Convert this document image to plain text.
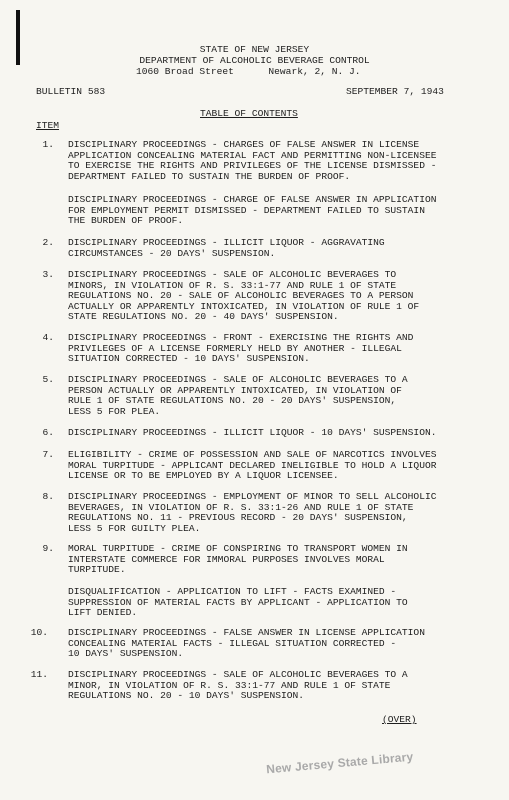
STATE OF NEW JERSEY
DEPARTMENT OF ALCOHOLIC BEVERAGE CONTROL
1060 Broad Street      Newark, 2, N. J.
BULLETIN 583	SEPTEMBER 7, 1943
TABLE OF CONTENTS
ITEM
1. DISCIPLINARY PROCEEDINGS - CHARGES OF FALSE ANSWER IN LICENSE
APPLICATION CONCEALING MATERIAL FACT AND PERMITTING NON-LICENSEE
TO EXERCISE THE RIGHTS AND PRIVILEGES OF THE LICENSE DISMISSED -
DEPARTMENT FAILED TO SUSTAIN THE BURDEN OF PROOF.
DISCIPLINARY PROCEEDINGS - CHARGE OF FALSE ANSWER IN APPLICATION
FOR EMPLOYMENT PERMIT DISMISSED - DEPARTMENT FAILED TO SUSTAIN
THE BURDEN OF PROOF.
2. DISCIPLINARY PROCEEDINGS - ILLICIT LIQUOR - AGGRAVATING
CIRCUMSTANCES - 20 DAYS' SUSPENSION.
3. DISCIPLINARY PROCEEDINGS - SALE OF ALCOHOLIC BEVERAGES TO
MINORS, IN VIOLATION OF R. S. 33:1-77 AND RULE 1 OF STATE
REGULATIONS NO. 20 - SALE OF ALCOHOLIC BEVERAGES TO A PERSON
ACTUALLY OR APPARENTLY INTOXICATED, IN VIOLATION OF RULE 1 OF
STATE REGULATIONS NO. 20 - 40 DAYS' SUSPENSION.
4. DISCIPLINARY PROCEEDINGS - FRONT - EXERCISING THE RIGHTS AND
PRIVILEGES OF A LICENSE FORMERLY HELD BY ANOTHER - ILLEGAL
SITUATION CORRECTED - 10 DAYS' SUSPENSION.
5. DISCIPLINARY PROCEEDINGS - SALE OF ALCOHOLIC BEVERAGES TO A
PERSON ACTUALLY OR APPARENTLY INTOXICATED, IN VIOLATION OF
RULE 1 OF STATE REGULATIONS NO. 20 - 20 DAYS' SUSPENSION,
LESS 5 FOR PLEA.
6. DISCIPLINARY PROCEEDINGS - ILLICIT LIQUOR - 10 DAYS' SUSPENSION.
7. ELIGIBILITY - CRIME OF POSSESSION AND SALE OF NARCOTICS INVOLVES
MORAL TURPITUDE - APPLICANT DECLARED INELIGIBLE TO HOLD A LIQUOR
LICENSE OR TO BE EMPLOYED BY A LIQUOR LICENSEE.
8. DISCIPLINARY PROCEEDINGS - EMPLOYMENT OF MINOR TO SELL ALCOHOLIC
BEVERAGES, IN VIOLATION OF R. S. 33:1-26 AND RULE 1 OF STATE
REGULATIONS NO. 11 - PREVIOUS RECORD - 20 DAYS' SUSPENSION,
LESS 5 FOR GUILTY PLEA.
9. MORAL TURPITUDE - CRIME OF CONSPIRING TO TRANSPORT WOMEN IN
INTERSTATE COMMERCE FOR IMMORAL PURPOSES INVOLVES MORAL
TURPITUDE.
DISQUALIFICATION - APPLICATION TO LIFT - FACTS EXAMINED -
SUPPRESSION OF MATERIAL FACTS BY APPLICANT - APPLICATION TO
LIFT DENIED.
10. DISCIPLINARY PROCEEDINGS - FALSE ANSWER IN LICENSE APPLICATION
CONCEALING MATERIAL FACTS - ILLEGAL SITUATION CORRECTED -
10 DAYS' SUSPENSION.
11. DISCIPLINARY PROCEEDINGS - SALE OF ALCOHOLIC BEVERAGES TO A
MINOR, IN VIOLATION OF R. S. 33:1-77 AND RULE 1 OF STATE
REGULATIONS NO. 20 - 10 DAYS' SUSPENSION.
(OVER)
New Jersey State Library
